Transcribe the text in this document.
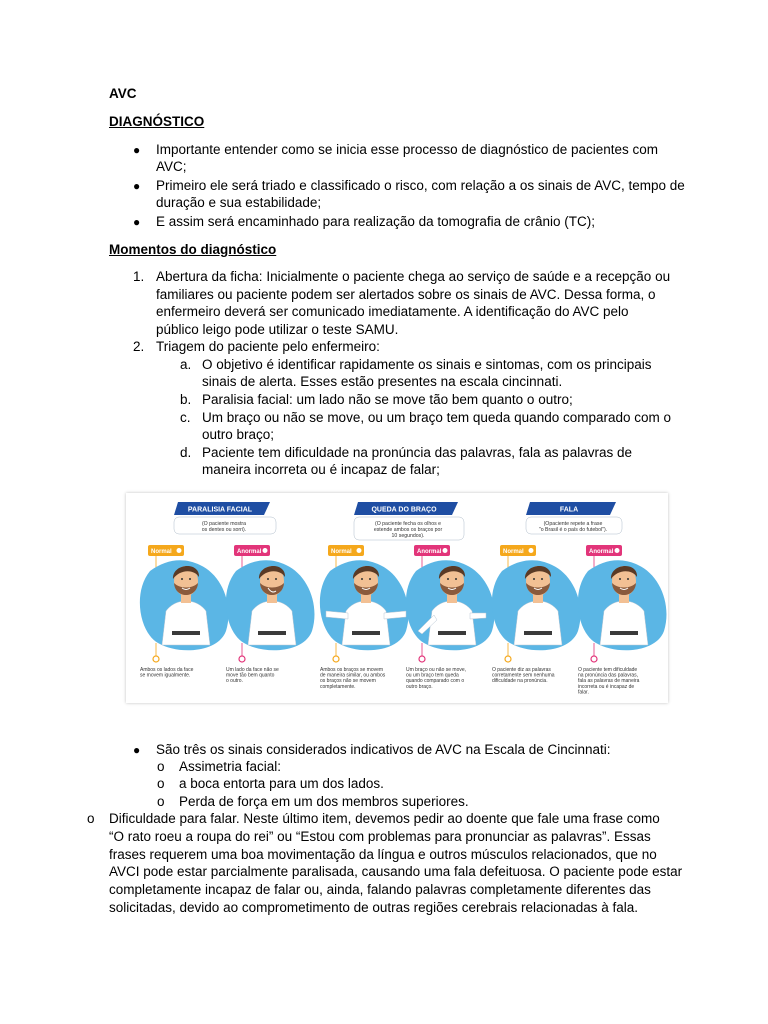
AVC
DIAGNÓSTICO
● Importante entender como se inicia esse processo de diagnóstico de pacientes com
AVC;
● Primeiro ele será triado e classificado o risco, com relação a os sinais de AVC, tempo de
duração e sua estabilidade;
● E assim será encaminhado para realização da tomografia de crânio (TC);
Momentos do diagnóstico
1. Abertura da ficha: Inicialmente o paciente chega ao serviço de saúde e a recepção ou
familiares ou paciente podem ser alertados sobre os sinais de AVC. Dessa forma, o
enfermeiro deverá ser comunicado imediatamente. A identificação do AVC pelo
público leigo pode utilizar o teste SAMU.
2. Triagem do paciente pelo enfermeiro:
a. O objetivo é identificar rapidamente os sinais e sintomas, com os principais
sinais de alerta. Esses estão presentes na escala cincinnati.
b. Paralisia facial: um lado não se move tão bem quanto o outro;
c. Um braço ou não se move, ou um braço tem queda quando comparado com o
outro braço;
d. Paciente tem dificuldade na pronúncia das palavras, fala as palavras de
maneira incorreta ou é incapaz de falar;
PARALISIA FACIAL
(O paciente mostra
os dentes ou sorri).
Normal
Ambos os lados da face
se movem igualmente.
Anormal
Um lado da face não se
move tão bem quanto
o outro.
QUEDA DO BRAÇO
(O paciente fecha os olhos e
estende ambos os braços por
10 segundos).
Normal
Ambos os braços se movem
de maneira similar, ou ambos
os braços não se movem
completamente.
Anormal
Um braço ou não se move,
ou um braço tem queda
quando comparado com o
outro braço.
FALA
(Opaciente repete a frase
"o Brasil é o país do futebol").
Normal
O paciente diz as palavras
corretamente sem nenhuma
dificuldade na pronúncia.
Anormal
O paciente tem dificuldade
na pronúncia das palavras,
fala as palavras de maneira
incorreta ou é incapaz de
falar.
● São três os sinais considerados indicativos de AVC na Escala de Cincinnati:
o Assimetria facial:
o a boca entorta para um dos lados.
o Perda de força em um dos membros superiores.
o Dificuldade para falar. Neste último item, devemos pedir ao doente que fale uma frase como
“O rato roeu a roupa do rei” ou “Estou com problemas para pronunciar as palavras”. Essas
frases requerem uma boa movimentação da língua e outros músculos relacionados, que no
AVCI pode estar parcialmente paralisada, causando uma fala defeituosa. O paciente pode estar
completamente incapaz de falar ou, ainda, falando palavras completamente diferentes das
solicitadas, devido ao comprometimento de outras regiões cerebrais relacionadas à fala.
